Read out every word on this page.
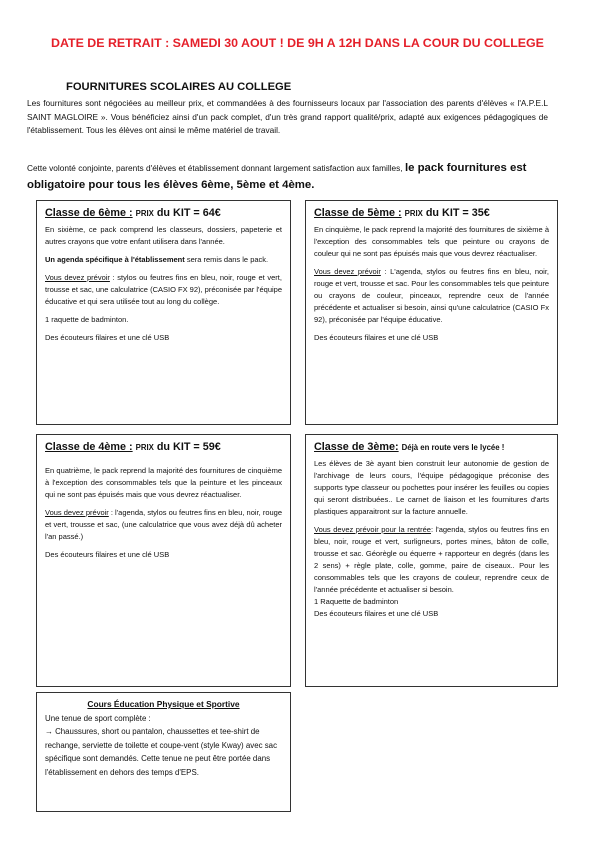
DATE DE RETRAIT : SAMEDI 30 AOUT ! DE 9H A 12H DANS LA COUR DU COLLEGE
FOURNITURES SCOLAIRES AU COLLEGE
Les fournitures sont négociées au meilleur prix, et commandées à des fournisseurs locaux par l'association des parents d'élèves « l'A.P.E.L SAINT MAGLOIRE ». Vous bénéficiez ainsi d'un pack complet, d'un très grand rapport qualité/prix, adapté aux exigences pédagogiques de l'établissement. Tous les élèves ont ainsi le même matériel de travail.
Cette volonté conjointe, parents d'élèves et établissement donnant largement satisfaction aux familles, le pack fournitures est obligatoire pour tous les élèves 6ème, 5ème et 4ème.
Classe de 6ème : PRIX du KIT = 64€

En sixième, ce pack comprend les classeurs, dossiers, papeterie et autres crayons que votre enfant utilisera dans l'année.

Un agenda spécifique à l'établissement sera remis dans le pack.

Vous devez prévoir : stylos ou feutres fins en bleu, noir, rouge et vert, trousse et sac, une calculatrice (CASIO FX 92), préconisée par l'équipe éducative et qui sera utilisée tout au long du collège.

1 raquette de badminton.

Des écouteurs filaires et une clé USB

Classe de 5ème : PRIX du KIT = 35€

En cinquième, le pack reprend la majorité des fournitures de sixième à l'exception des consommables tels que peinture ou crayons de couleur qui ne sont pas épuisés mais que vous devrez réactualiser.

Vous devez prévoir : L'agenda, stylos ou feutres fins en bleu, noir, rouge et vert, trousse et sac. Pour les consommables tels que peinture ou crayons de couleur, pinceaux, reprendre ceux de l'année précédente et actualiser si besoin, ainsi qu'une calculatrice (CASIO Fx 92), préconisée par l'équipe éducative.

Des écouteurs filaires et une clé USB

Classe de 4ème : PRIX du KIT = 59€

En quatrième, le pack reprend la majorité des fournitures de cinquième à l'exception des consommables tels que la peinture et les pinceaux qui ne sont pas épuisés mais que vous devrez réactualiser.

Vous devez prévoir : l'agenda, stylos ou feutres fins en bleu, noir, rouge et vert, trousse et sac, (une calculatrice que vous avez déjà dû acheter l'an passé.)

Des écouteurs filaires et une clé USB

Classe de 3ème: Déjà en route vers le lycée !

Les élèves de 3è ayant bien construit leur autonomie de gestion de l'archivage de leurs cours, l'équipe pédagogique préconise des supports type classeur ou pochettes pour insérer les feuilles ou copies qui seront distribuées.. Le carnet de liaison et les fournitures d'arts plastiques apparaitront sur la facture annuelle.

Vous devez prévoir pour la rentrée: l'agenda, stylos ou feutres fins en bleu, noir, rouge et vert, surligneurs, portes mines, bâton de colle, trousse et sac. Géorègle ou équerre + rapporteur en degrés (dans les 2 sens) + règle plate, colle, gomme, paire de ciseaux.. Pour les consommables tels que les crayons de couleur, reprendre ceux de l'année précédente et actualiser si besoin.

1 Raquette de badminton

Des écouteurs filaires et une clé USB

Cours Éducation Physique et Sportive

Une tenue de sport complète :

→ Chaussures, short ou pantalon, chaussettes et tee-shirt de rechange, serviette de toilette et coupe-vent (style Kway) avec sac spécifique sont demandés. Cette tenue ne peut être portée dans l'établissement en dehors des temps d'EPS.
